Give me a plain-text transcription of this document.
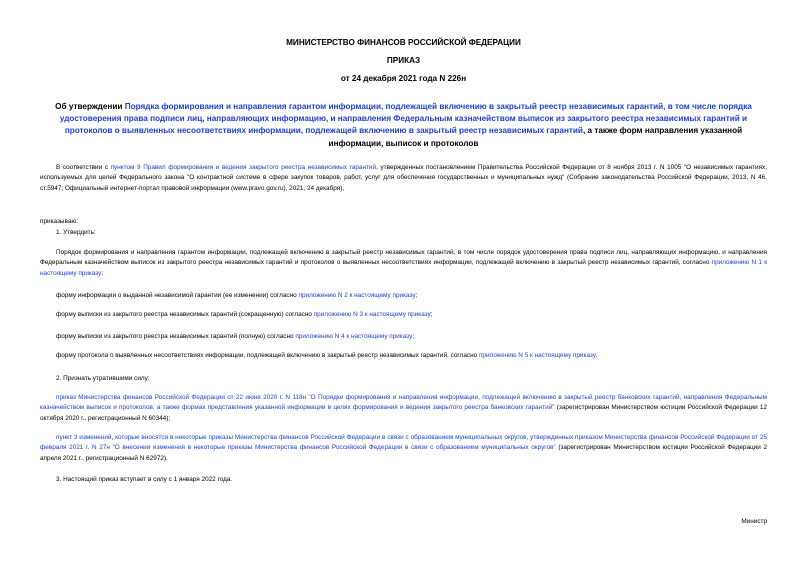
МИНИСТЕРСТВО ФИНАНСОВ РОССИЙСКОЙ ФЕДЕРАЦИИ
ПРИКАЗ
от 24 декабря 2021 года N 226н
Об утверждении Порядка формирования и направления гарантом информации, подлежащей включению в закрытый реестр независимых гарантий, в том числе порядка удостоверения права подписи лиц, направляющих информацию, и направления Федеральным казначейством выписок из закрытого реестра независимых гарантий и протоколов о выявленных несоответствиях информации, подлежащей включению в закрытый реестр независимых гарантий, а также форм направления указанной информации, выписок и протоколов
В соответствии с пунктом 9 Правил формирования и ведения закрытого реестра независимых гарантий, утвержденных постановлением Правительства Российской Федерации от 8 ноября 2013 г. N 1005 "О независимых гарантиях, используемых для целей Федерального закона "О контрактной системе в сфере закупок товаров, работ, услуг для обеспечения государственных и муниципальных нужд" (Собрание законодательства Российской Федерации, 2013, N 46, ст.5947; Официальный интернет-портал правовой информации (www.pravo.gov.ru), 2021, 24 декабря),
приказываю:
1. Утвердить:
Порядок формирования и направления гарантом информации, подлежащей включению в закрытый реестр независимых гарантий, в том числе порядок удостоверения права подписи лиц, направляющих информацию, и направления Федеральным казначейством выписок из закрытого реестра независимых гарантий и протоколов о выявленных несоответствиях информации, подлежащей включению в закрытый реестр независимых гарантий, согласно приложению N 1 к настоящему приказу;
форму информации о выданной независимой гарантии (ее изменении) согласно приложению N 2 к настоящему приказу;
форму выписки из закрытого реестра независимых гарантий (сокращенную) согласно приложению N 3 к настоящему приказу;
форму выписки из закрытого реестра независимых гарантий (полную) согласно приложению N 4 к настоящему приказу;
форму протокола о выявленных несоответствиях информации, подлежащей включению в закрытый реестр независимых гарантий, согласно приложению N 5 к настоящему приказу.
2. Признать утратившими силу:
приказ Министерства финансов Российской Федерации от 22 июня 2020 г. N 118н "О Порядке формирования и направления информации, подлежащей включению в закрытый реестр банковских гарантий, направления Федеральным казначейством выписок и протоколов, а также формах представления указанной информации в целях формирования и ведения закрытого реестра банковских гарантий" (зарегистрирован Министерством юстиции Российской Федерации 12 октября 2020 г., регистрационный N 60344);
пункт 3 изменений, которые вносятся в некоторые приказы Министерства финансов Российской Федерации в связи с образованием муниципальных округов, утвержденных приказом Министерства финансов Российской Федерации от 25 февраля 2021 г. N 27н "О внесении изменения в некоторые приказы Министерства финансов Российской Федерации в связи с образованием муниципальных округов" (зарегистрирован Министерством юстиции Российской Федерации 2 апреля 2021 г., регистрационный N 62972).
3. Настоящий приказ вступает в силу с 1 января 2022 года.
Министр
